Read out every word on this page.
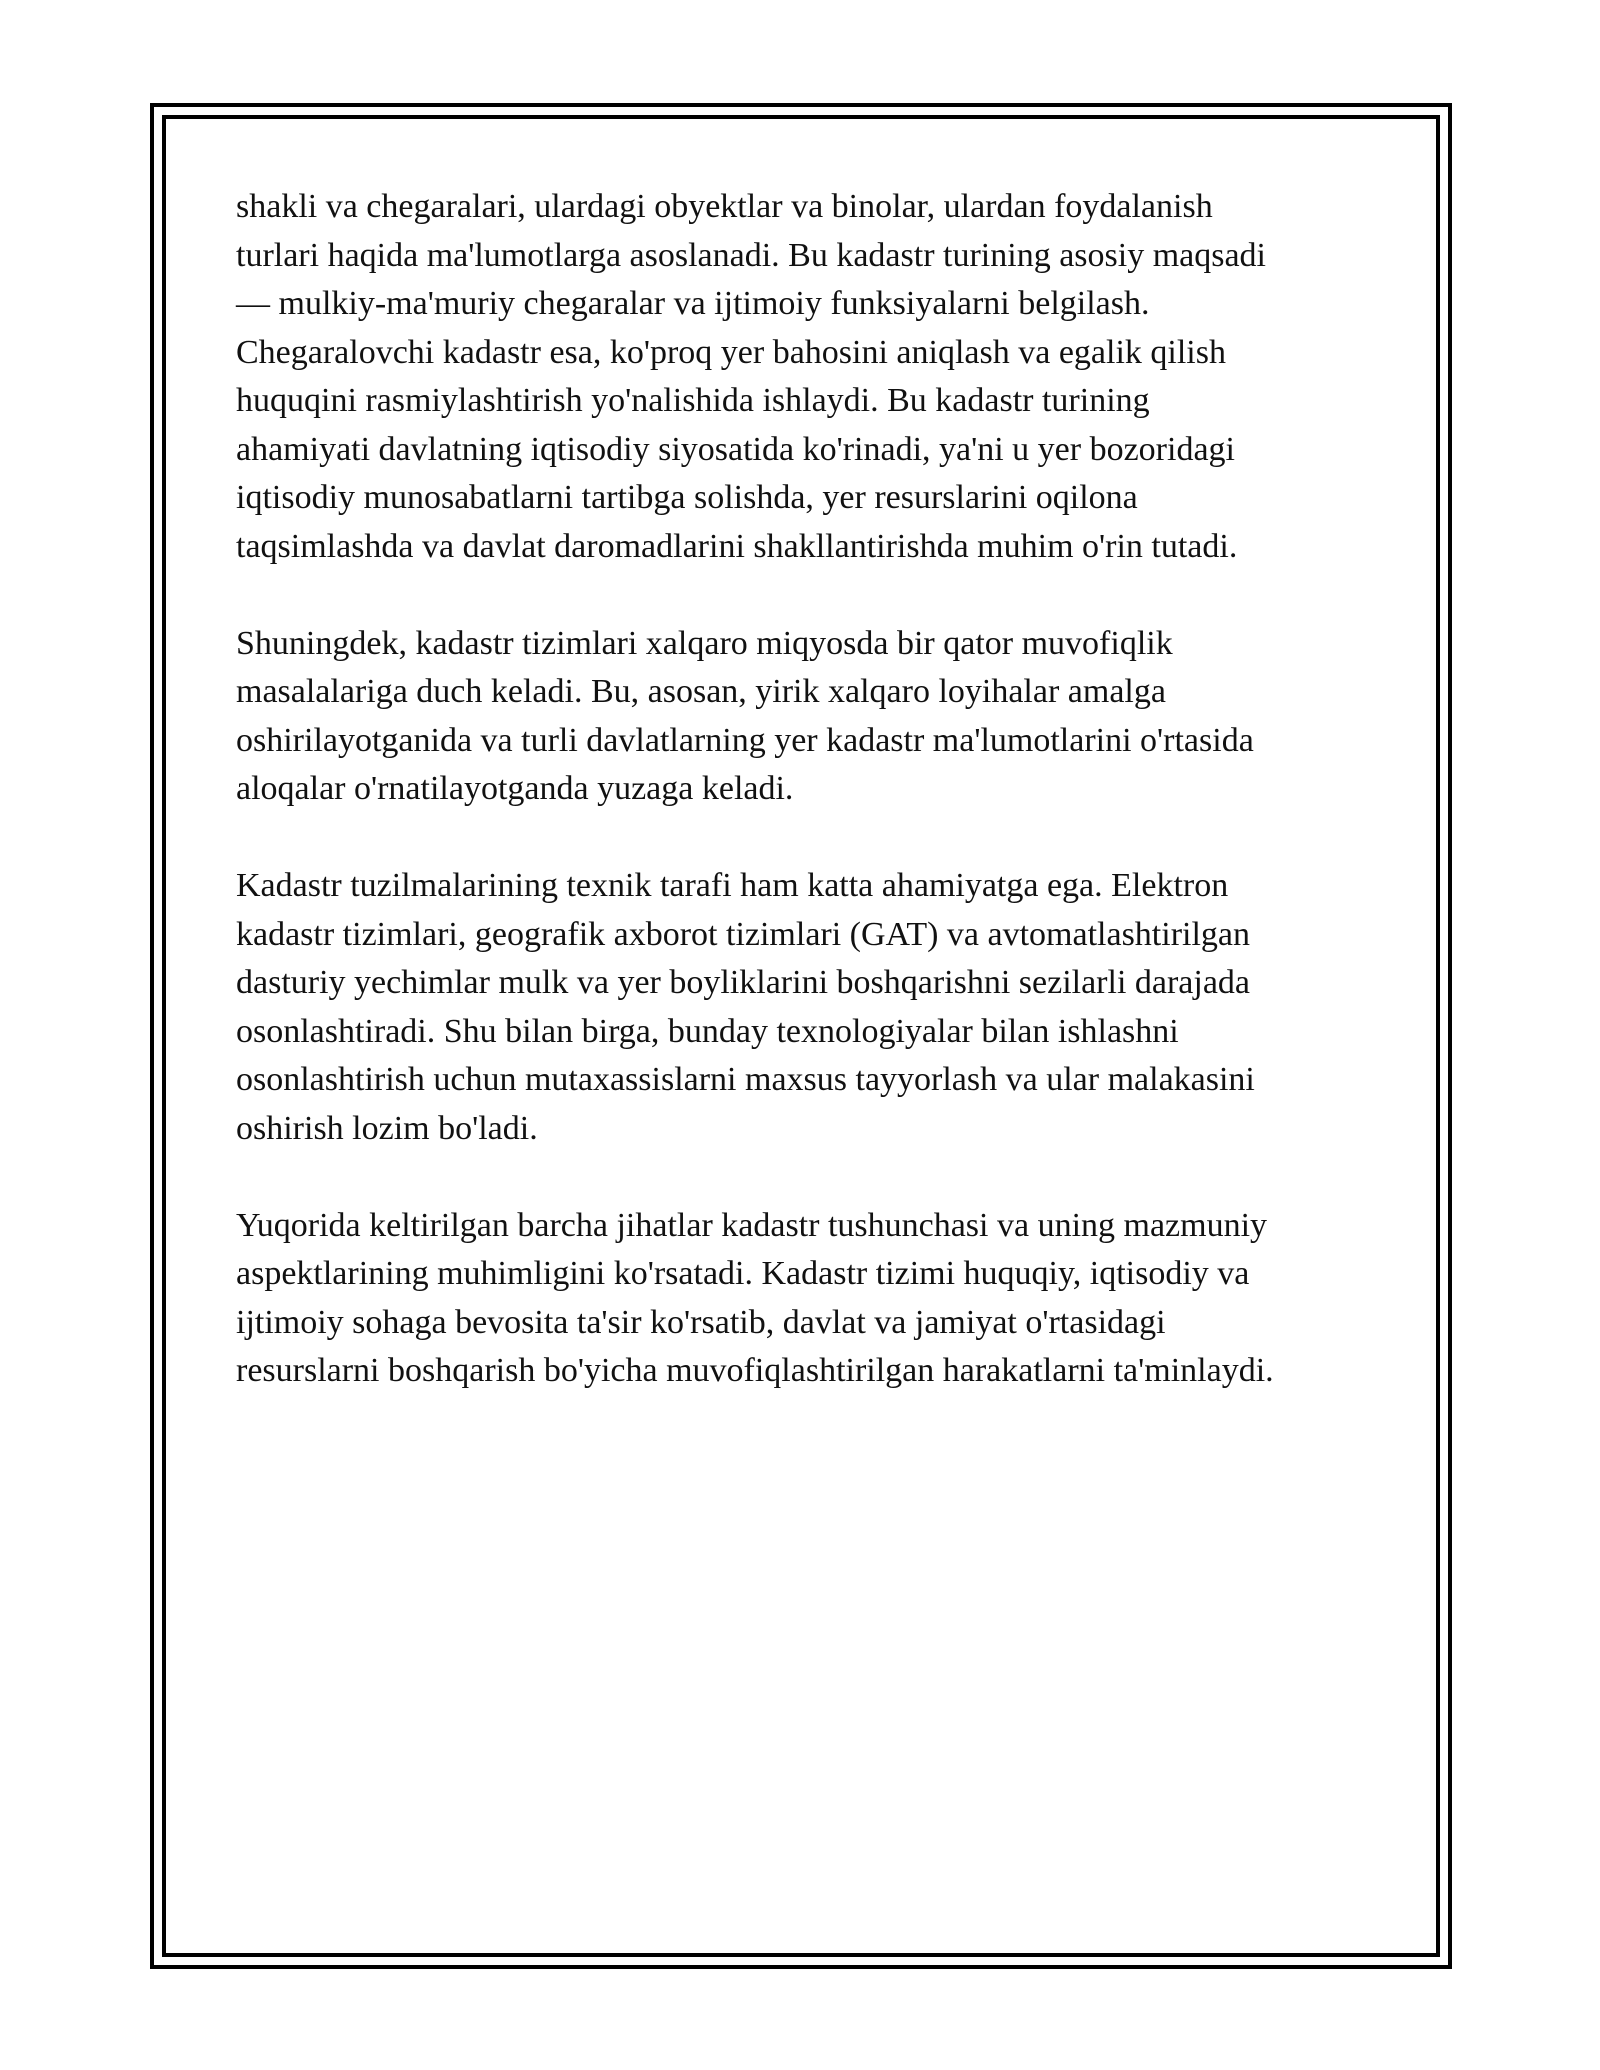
shakli va chegaralari, ulardagi obyektlar va binolar, ulardan foydalanish
turlari haqida ma'lumotlarga asoslanadi. Bu kadastr turining asosiy maqsadi
— mulkiy-ma'muriy chegaralar va ijtimoiy funksiyalarni belgilash.
Chegaralovchi kadastr esa, ko'proq yer bahosini aniqlash va egalik qilish
huquqini rasmiylashtirish yo'nalishida ishlaydi. Bu kadastr turining
ahamiyati davlatning iqtisodiy siyosatida ko'rinadi, ya'ni u yer bozoridagi
iqtisodiy munosabatlarni tartibga solishda, yer resurslarini oqilona
taqsimlashda va davlat daromadlarini shakllantirishda muhim o'rin tutadi.

Shuningdek, kadastr tizimlari xalqaro miqyosda bir qator muvofiqlik
masalalariga duch keladi. Bu, asosan, yirik xalqaro loyihalar amalga
oshirilayotganida va turli davlatlarning yer kadastr ma'lumotlarini o'rtasida
aloqalar o'rnatilayotganda yuzaga keladi.

Kadastr tuzilmalarining texnik tarafi ham katta ahamiyatga ega. Elektron
kadastr tizimlari, geografik axborot tizimlari (GAT) va avtomatlashtirilgan
dasturiy yechimlar mulk va yer boyliklarini boshqarishni sezilarli darajada
osonlashtiradi. Shu bilan birga, bunday texnologiyalar bilan ishlashni
osonlashtirish uchun mutaxassislarni maxsus tayyorlash va ular malakasini
oshirish lozim bo'ladi.

Yuqorida keltirilgan barcha jihatlar kadastr tushunchasi va uning mazmuniy
aspektlarining muhimligini ko'rsatadi. Kadastr tizimi huquqiy, iqtisodiy va
ijtimoiy sohaga bevosita ta'sir ko'rsatib, davlat va jamiyat o'rtasidagi
resurslarni boshqarish bo'yicha muvofiqlashtirilgan harakatlarni ta'minlaydi.
